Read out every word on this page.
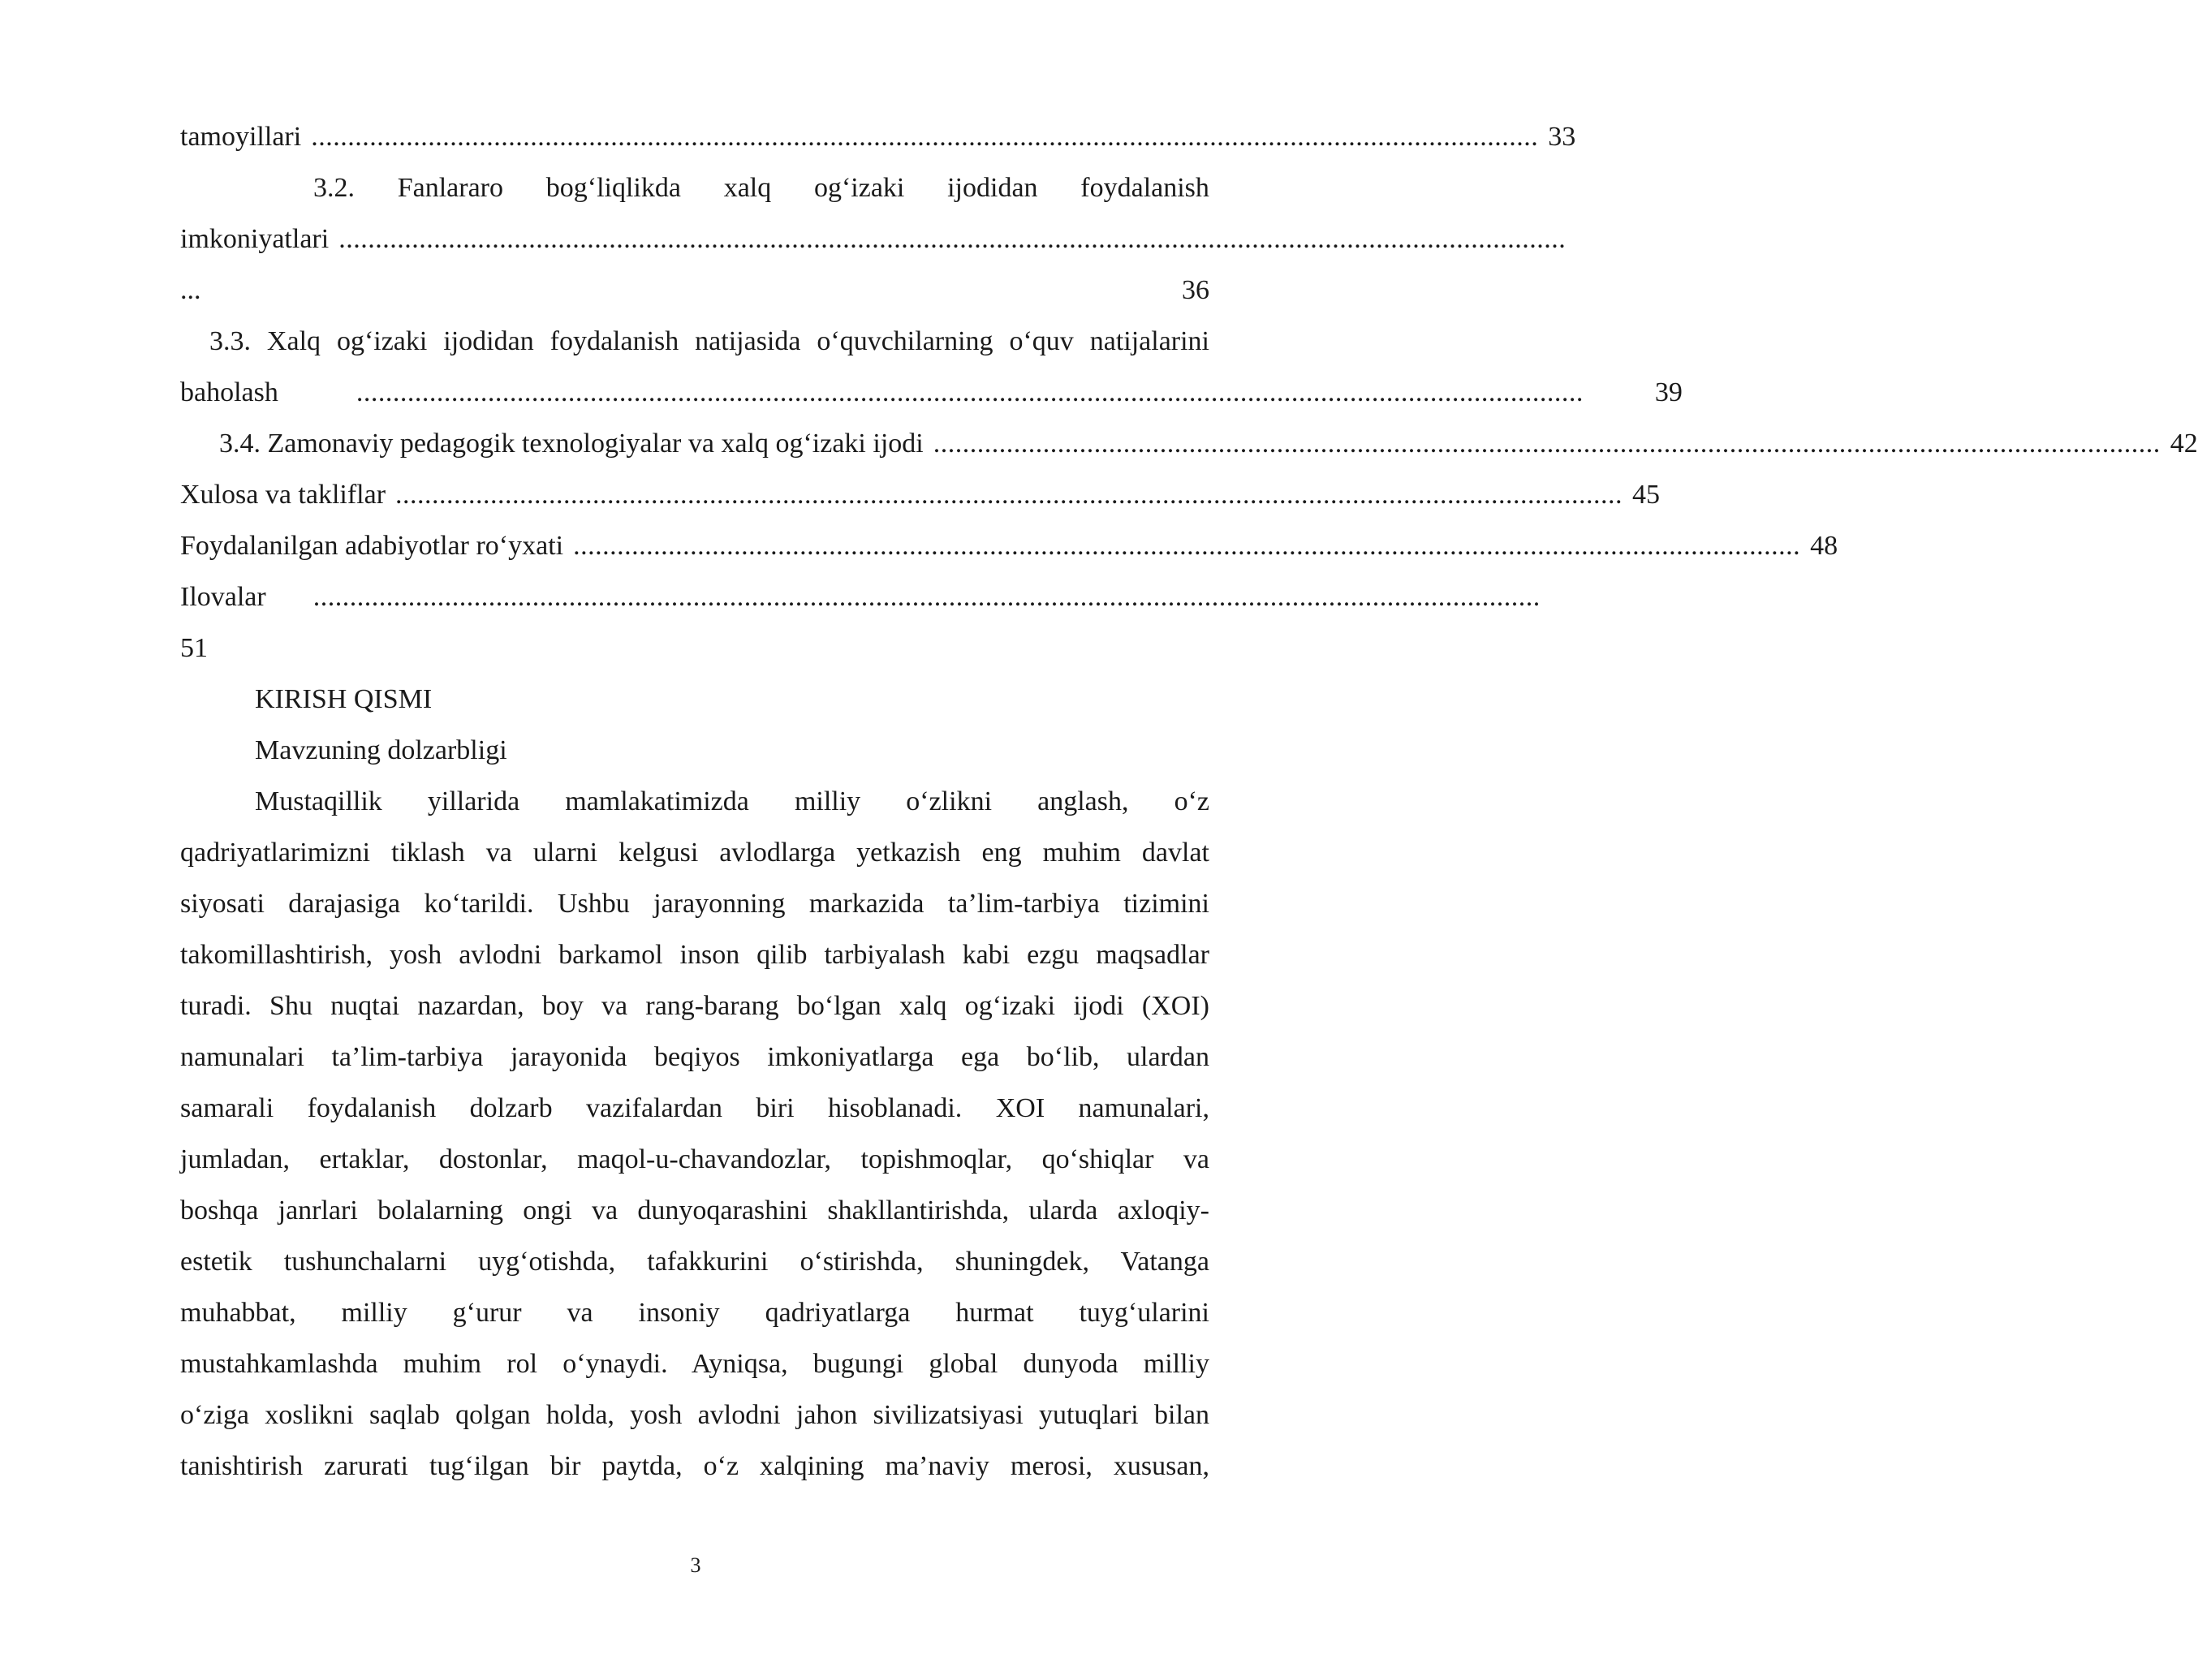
tamoyillari ........................................................................................................................................................................ 33
3.2. Fanlararo bog‘liqlikda xalq og‘izaki ijodidan foydalanish
imkoniyatlari ........................................................................................................................................................................
...	36
3.3. Xalq og‘izaki ijodidan foydalanish natijasida o‘quvchilarning o‘quv natijalarini
baholash	........................................................................................................................................................................	39
3.4. Zamonaviy pedagogik texnologiyalar va xalq og‘izaki ijodi ........................................................................................................................................................................ 42
Xulosa va takliflar ........................................................................................................................................................................ 45
Foydalanilgan adabiyotlar ro‘yxati ........................................................................................................................................................................ 48
Ilovalar ........................................................................................................................................................................
51
KIRISH QISMI
Mavzuning dolzarbligi
Mustaqillik yillarida mamlakatimizda milliy o‘zlikni anglash, o‘z
qadriyatlarimizni tiklash va ularni kelgusi avlodlarga yetkazish eng muhim davlat
siyosati darajasiga ko‘tarildi. Ushbu jarayonning markazida ta’lim-tarbiya tizimini
takomillashtirish, yosh avlodni barkamol inson qilib tarbiyalash kabi ezgu maqsadlar
turadi. Shu nuqtai nazardan, boy va rang-barang bo‘lgan xalq og‘izaki ijodi (XOI)
namunalari ta’lim-tarbiya jarayonida beqiyos imkoniyatlarga ega bo‘lib, ulardan
samarali foydalanish dolzarb vazifalardan biri hisoblanadi. XOI namunalari,
jumladan, ertaklar, dostonlar, maqol-u-chavandozlar, topishmoqlar, qo‘shiqlar va
boshqa janrlari bolalarning ongi va dunyoqarashini shakllantirishda, ularda axloqiy-
estetik tushunchalarni uyg‘otishda, tafakkurini o‘stirishda, shuningdek, Vatanga
muhabbat, milliy g‘urur va insoniy qadriyatlarga hurmat tuyg‘ularini
mustahkamlashda muhim rol o‘ynaydi. Ayniqsa, bugungi global dunyoda milliy
o‘ziga xoslikni saqlab qolgan holda, yosh avlodni jahon sivilizatsiyasi yutuqlari bilan
tanishtirish zarurati tug‘ilgan bir paytda, o‘z xalqining ma’naviy merosi, xususan,
3
